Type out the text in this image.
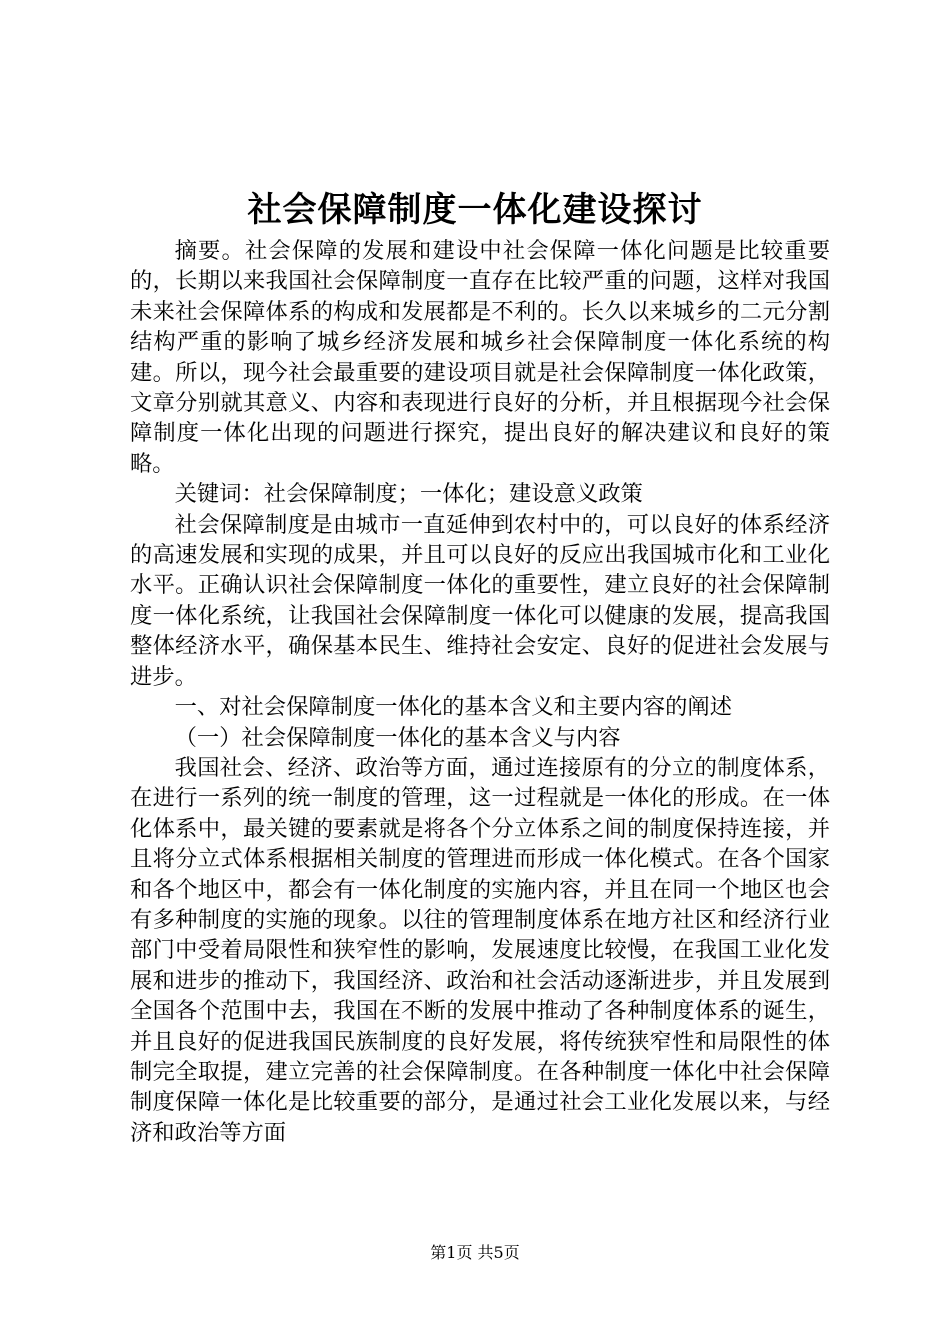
社会保障制度一体化建设探讨

摘要。社会保障的发展和建设中社会保障一体化问题是比较重要的，长期以来我国社会保障制度一直存在比较严重的问题，这样对我国未来社会保障体系的构成和发展都是不利的。长久以来城乡的二元分割结构严重的影响了城乡经济发展和城乡社会保障制度一体化系统的构建。所以，现今社会最重要的建设项目就是社会保障制度一体化政策，文章分别就其意义、内容和表现进行良好的分析，并且根据现今社会保障制度一体化出现的问题进行探究，提出良好的解决建议和良好的策略。

关键词：社会保障制度；一体化；建设意义政策

社会保障制度是由城市一直延伸到农村中的，可以良好的体系经济的高速发展和实现的成果，并且可以良好的反应出我国城市化和工业化水平。正确认识社会保障制度一体化的重要性，建立良好的社会保障制度一体化系统，让我国社会保障制度一体化可以健康的发展，提高我国整体经济水平，确保基本民生、维持社会安定、良好的促进社会发展与进步。

一、对社会保障制度一体化的基本含义和主要内容的阐述

（一）社会保障制度一体化的基本含义与内容

我国社会、经济、政治等方面，通过连接原有的分立的制度体系，在进行一系列的统一制度的管理，这一过程就是一体化的形成。在一体化体系中，最关键的要素就是将各个分立体系之间的制度保持连接，并且将分立式体系根据相关制度的管理进而形成一体化模式。在各个国家和各个地区中，都会有一体化制度的实施内容，并且在同一个地区也会有多种制度的实施的现象。以往的管理制度体系在地方社区和经济行业部门中受着局限性和狭窄性的影响，发展速度比较慢，在我国工业化发展和进步的推动下，我国经济、政治和社会活动逐渐进步，并且发展到全国各个范围中去，我国在不断的发展中推动了各种制度体系的诞生，并且良好的促进我国民族制度的良好发展，将传统狭窄性和局限性的体制完全取提，建立完善的社会保障制度。在各种制度一体化中社会保障制度保障一体化是比较重要的部分，是通过社会工业化发展以来，与经济和政治等方面

第1页 共5页
